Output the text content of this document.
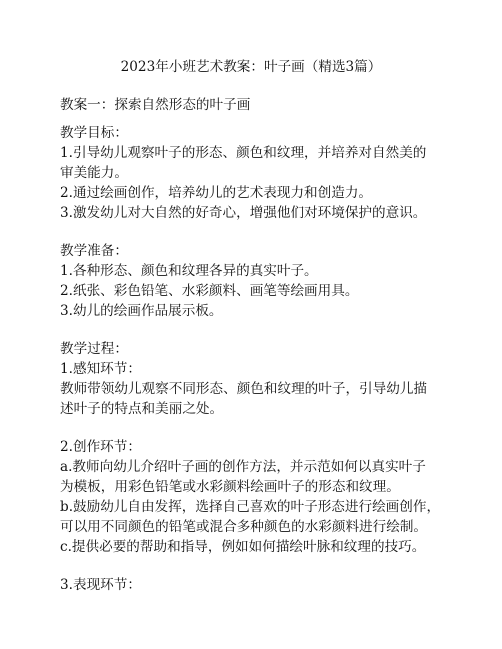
2023年小班艺术教案：叶子画（精选3篇）
教案一：探索自然形态的叶子画
教学目标：
1.引导幼儿观察叶子的形态、颜色和纹理，并培养对自然美的
审美能力。
2.通过绘画创作，培养幼儿的艺术表现力和创造力。
3.激发幼儿对大自然的好奇心，增强他们对环境保护的意识。
教学准备：
1.各种形态、颜色和纹理各异的真实叶子。
2.纸张、彩色铅笔、水彩颜料、画笔等绘画用具。
3.幼儿的绘画作品展示板。
教学过程：
1.感知环节：
教师带领幼儿观察不同形态、颜色和纹理的叶子，引导幼儿描
述叶子的特点和美丽之处。
2.创作环节：
a.教师向幼儿介绍叶子画的创作方法，并示范如何以真实叶子
为模板，用彩色铅笔或水彩颜料绘画叶子的形态和纹理。
b.鼓励幼儿自由发挥，选择自己喜欢的叶子形态进行绘画创作，
可以用不同颜色的铅笔或混合多种颜色的水彩颜料进行绘制。
c.提供必要的帮助和指导，例如如何描绘叶脉和纹理的技巧。
3.表现环节：
